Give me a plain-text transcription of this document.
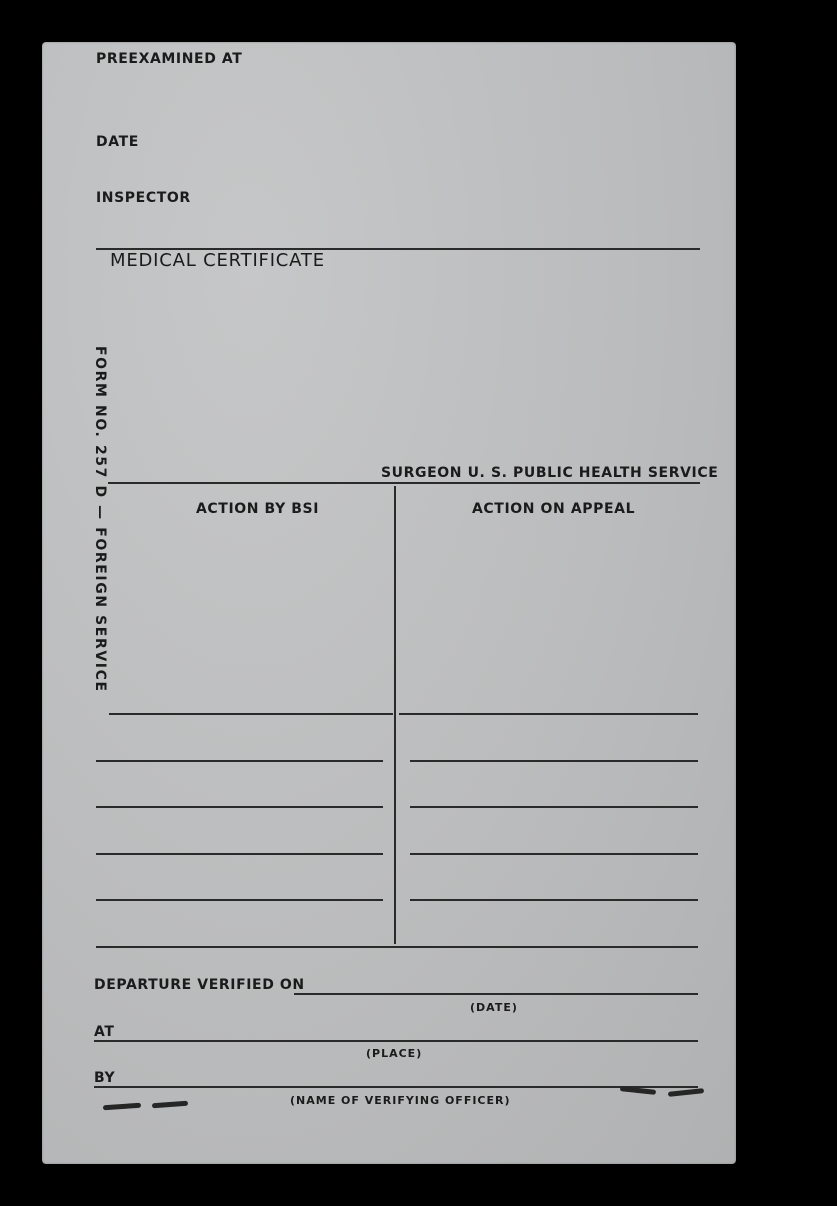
PREEXAMINED AT
DATE
INSPECTOR
MEDICAL CERTIFICATE
FORM NO. 257 D — FOREIGN SERVICE	SURGEON U. S. PUBLIC HEALTH SERVICE
ACTION BY BSI	ACTION ON APPEAL
DEPARTURE VERIFIED ON
(DATE)
AT
(PLACE)
BY
(NAME OF VERIFYING OFFICER)
